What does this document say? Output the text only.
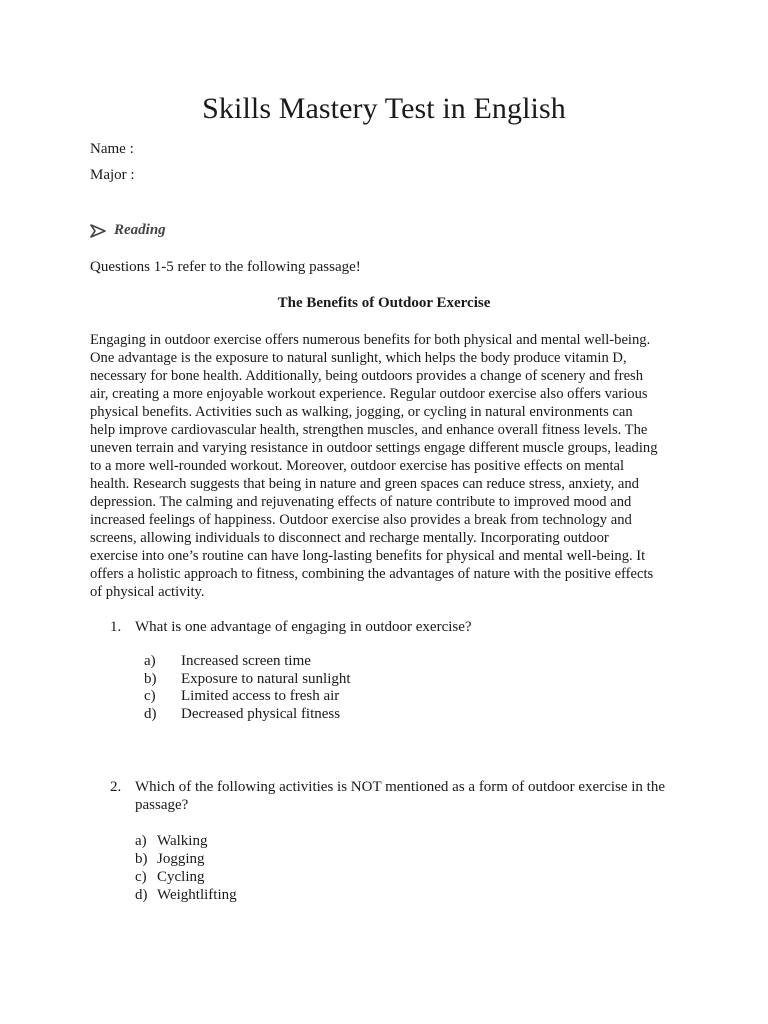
Skills Mastery Test in English
Name :
Major :
Reading
Questions 1-5 refer to the following passage!
The Benefits of Outdoor Exercise
Engaging in outdoor exercise offers numerous benefits for both physical and mental well-being.
One advantage is the exposure to natural sunlight, which helps the body produce vitamin D,
necessary for bone health. Additionally, being outdoors provides a change of scenery and fresh
air, creating a more enjoyable workout experience. Regular outdoor exercise also offers various
physical benefits. Activities such as walking, jogging, or cycling in natural environments can
help improve cardiovascular health, strengthen muscles, and enhance overall fitness levels. The
uneven terrain and varying resistance in outdoor settings engage different muscle groups, leading
to a more well-rounded workout. Moreover, outdoor exercise has positive effects on mental
health. Research suggests that being in nature and green spaces can reduce stress, anxiety, and
depression. The calming and rejuvenating effects of nature contribute to improved mood and
increased feelings of happiness. Outdoor exercise also provides a break from technology and
screens, allowing individuals to disconnect and recharge mentally. Incorporating outdoor
exercise into one’s routine can have long-lasting benefits for physical and mental well-being. It
offers a holistic approach to fitness, combining the advantages of nature with the positive effects
of physical activity.
1. What is one advantage of engaging in outdoor exercise?
a)	Increased screen time
b)	Exposure to natural sunlight
c)	Limited access to fresh air
d)	Decreased physical fitness
2. Which of the following activities is NOT mentioned as a form of outdoor exercise in the passage?
a) Walking
b) Jogging
c) Cycling
d) Weightlifting
